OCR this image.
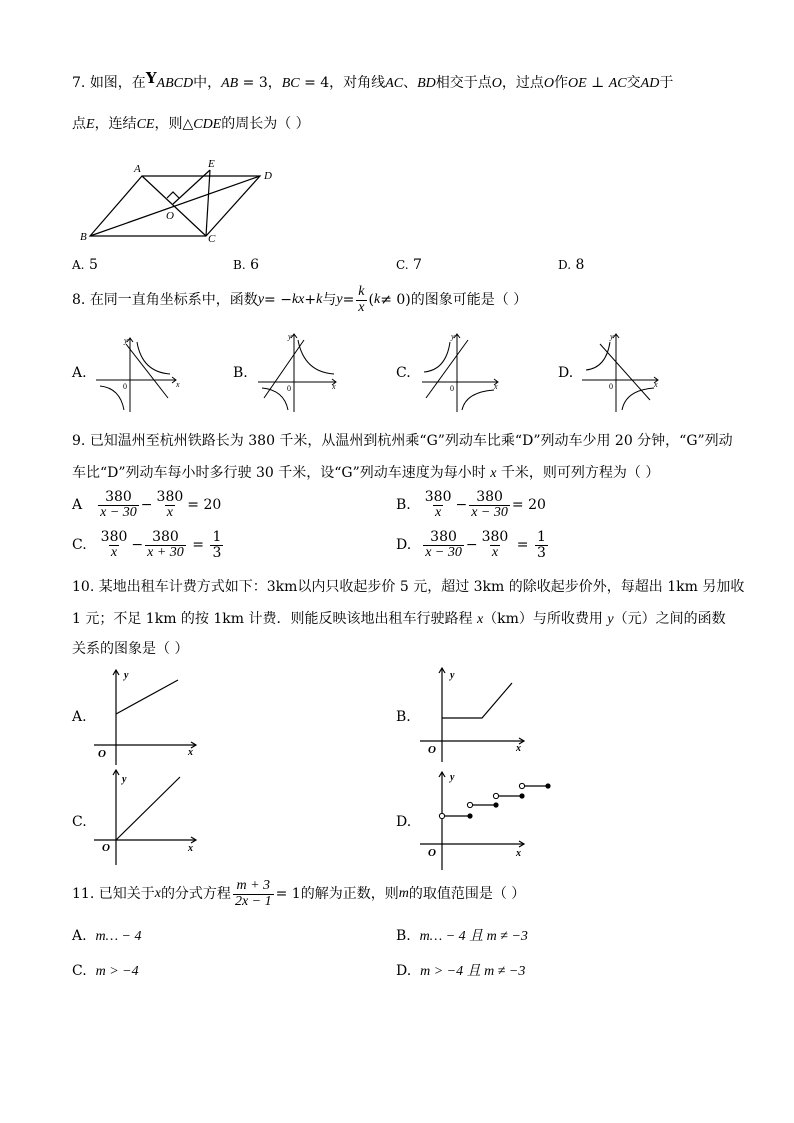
7. 如图，在YABCD中，AB = 3，BC = 4，对角线AC、BD相交于点O，过点O作OE ⊥ AC交AD于
点E，连结CE，则△CDE的周长为（ ）
A	E
D
B	C
O
A. 5	B. 6	C. 7	D. 8
8.
在同一直角坐标系中，函数 y = − kx + k 与 $y = \frac{k}{x}$ ( k ≠ 0) 的图象可能是（ ）
A.	B.	C.	D.
y
x
0
y
x
0
y
x
0
y
x
0
9. 已知温州至杭州铁路长为 380 千米，从温州到杭州乘“G”列动车比乘“D”列动车少用 20 分钟，“G”列动
车比“D”列动车每小时多行驶 30 千米，设“G”列动车速度为每小时 x 千米，则可列方程为（ ）
A $\frac{380}{x - 30} - \frac{380}{x} = 20$	B. $\frac{380}{x} - \frac{380}{x - 30} = 20$
C. $\frac{380}{x} - \frac{380}{x + 30} = \frac{1}{3}$	D. $\frac{380}{x - 30} - \frac{380}{x} = \frac{1}{3}$
10. 某地出租车计费方式如下：3km以内只收起步价 5 元，超过 3km 的除收起步价外，每超出 1km 另加收
1 元；不足 1km 的按 1km 计费．则能反映该地出租车行驶路程 x（km）与所收费用 y（元）之间的函数
关系的图象是（ ）
A.	B.
C.	D.
y
x
O
y
x
O
y
x
O
y
x
O
11.
已知关于 x 的分式方程 $\frac{m + 3}{2x - 1} = 1$ 的解为正数，则 m 的取值范围是（ ）
A. m… − 4	B. m… − 4 且 m ≠ −3
C. m > −4	D. m > −4 且 m ≠ −3
